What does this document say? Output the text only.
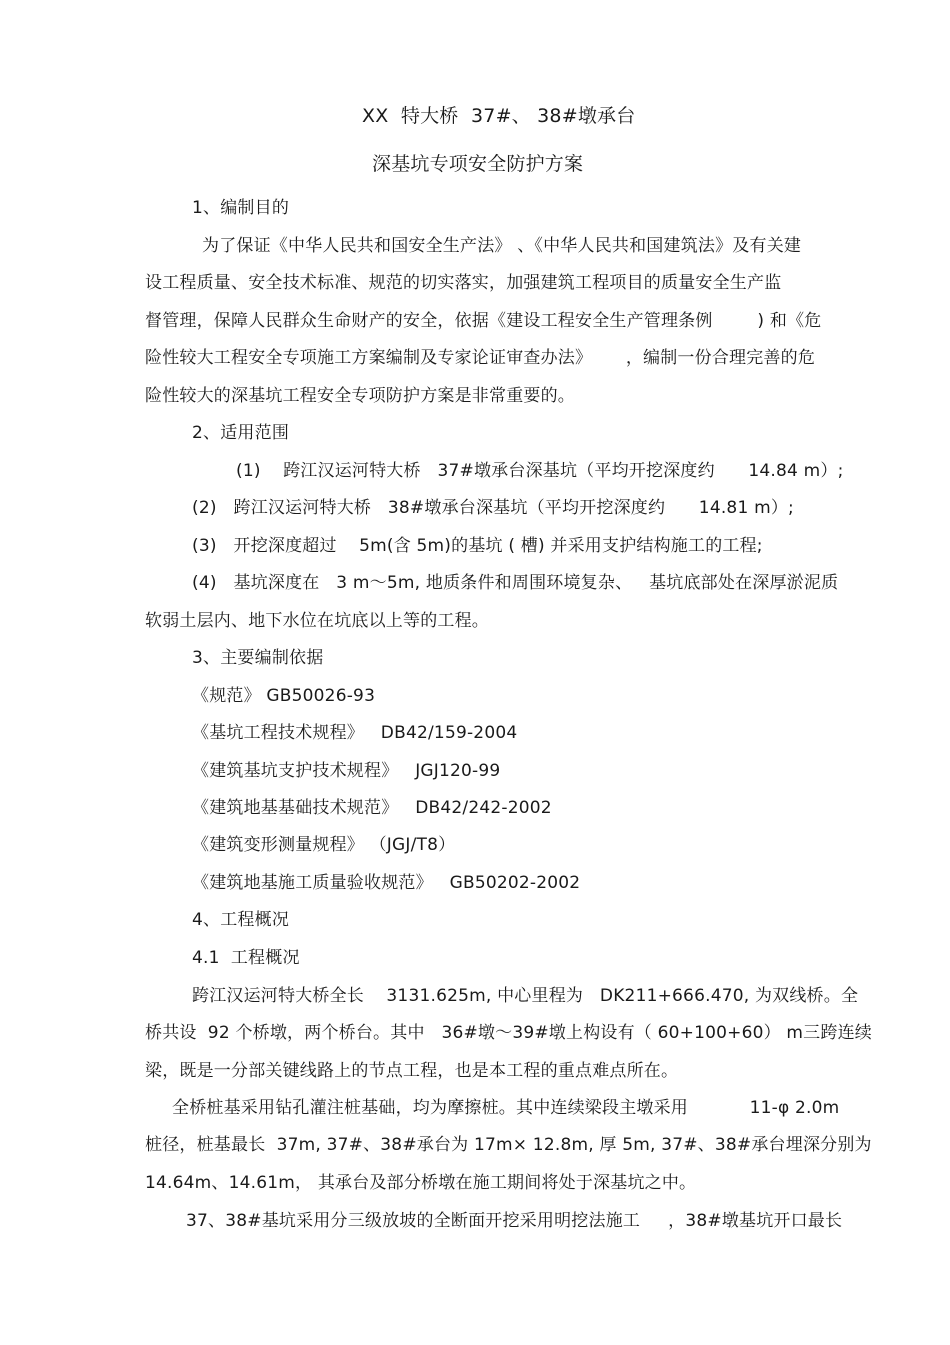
XX  特大桥  37#、 38#墩承台
深基坑专项安全防护方案
1、编制目的
为了保证《中华人民共和国安全生产法》 、《中华人民共和国建筑法》及有关建
设工程质量、安全技术标准、规范的切实落实，加强建筑工程项目的质量安全生产监
督管理，保障人民群众生命财产的安全，依据《建设工程安全生产管理条例        ) 和《危
险性较大工程安全专项施工方案编制及专家论证审查办法》      ，编制一份合理完善的危
险性较大的深基坑工程安全专项防护方案是非常重要的。
2、适用范围
(1)    跨江汉运河特大桥   37#墩承台深基坑（平均开挖深度约      14.84 m）;
(2)   跨江汉运河特大桥   38#墩承台深基坑（平均开挖深度约      14.81 m）;
(3)   开挖深度超过    5m(含 5m)的基坑 ( 槽) 并采用支护结构施工的工程;
(4)   基坑深度在   3 m～5m, 地质条件和周围环境复杂、   基坑底部处在深厚淤泥质
软弱土层内、地下水位在坑底以上等的工程。
3、主要编制依据
《规范》 GB50026-93
《基坑工程技术规程》   DB42/159-2004
《建筑基坑支护技术规程》   JGJ120-99
《建筑地基基础技术规范》   DB42/242-2002
《建筑变形测量规程》 （JGJ/T8）
《建筑地基施工质量验收规范》   GB50202-2002
4、工程概况
4.1  工程概况
跨江汉运河特大桥全长    3131.625m, 中心里程为   DK211+666.470, 为双线桥。全
桥共设  92 个桥墩，两个桥台。其中   36#墩～39#墩上构设有（ 60+100+60） m三跨连续
梁，既是一分部关键线路上的节点工程，也是本工程的重点难点所在。
全桥桩基采用钻孔灌注桩基础，均为摩擦桩。其中连续梁段主墩采用           11-φ 2.0m
桩径，桩基最长  37m, 37#、38#承台为 17m× 12.8m, 厚 5m, 37#、38#承台埋深分别为
14.64m、14.61m， 其承台及部分桥墩在施工期间将处于深基坑之中。
37、38#基坑采用分三级放坡的全断面开挖采用明挖法施工     ，38#墩基坑开口最长
